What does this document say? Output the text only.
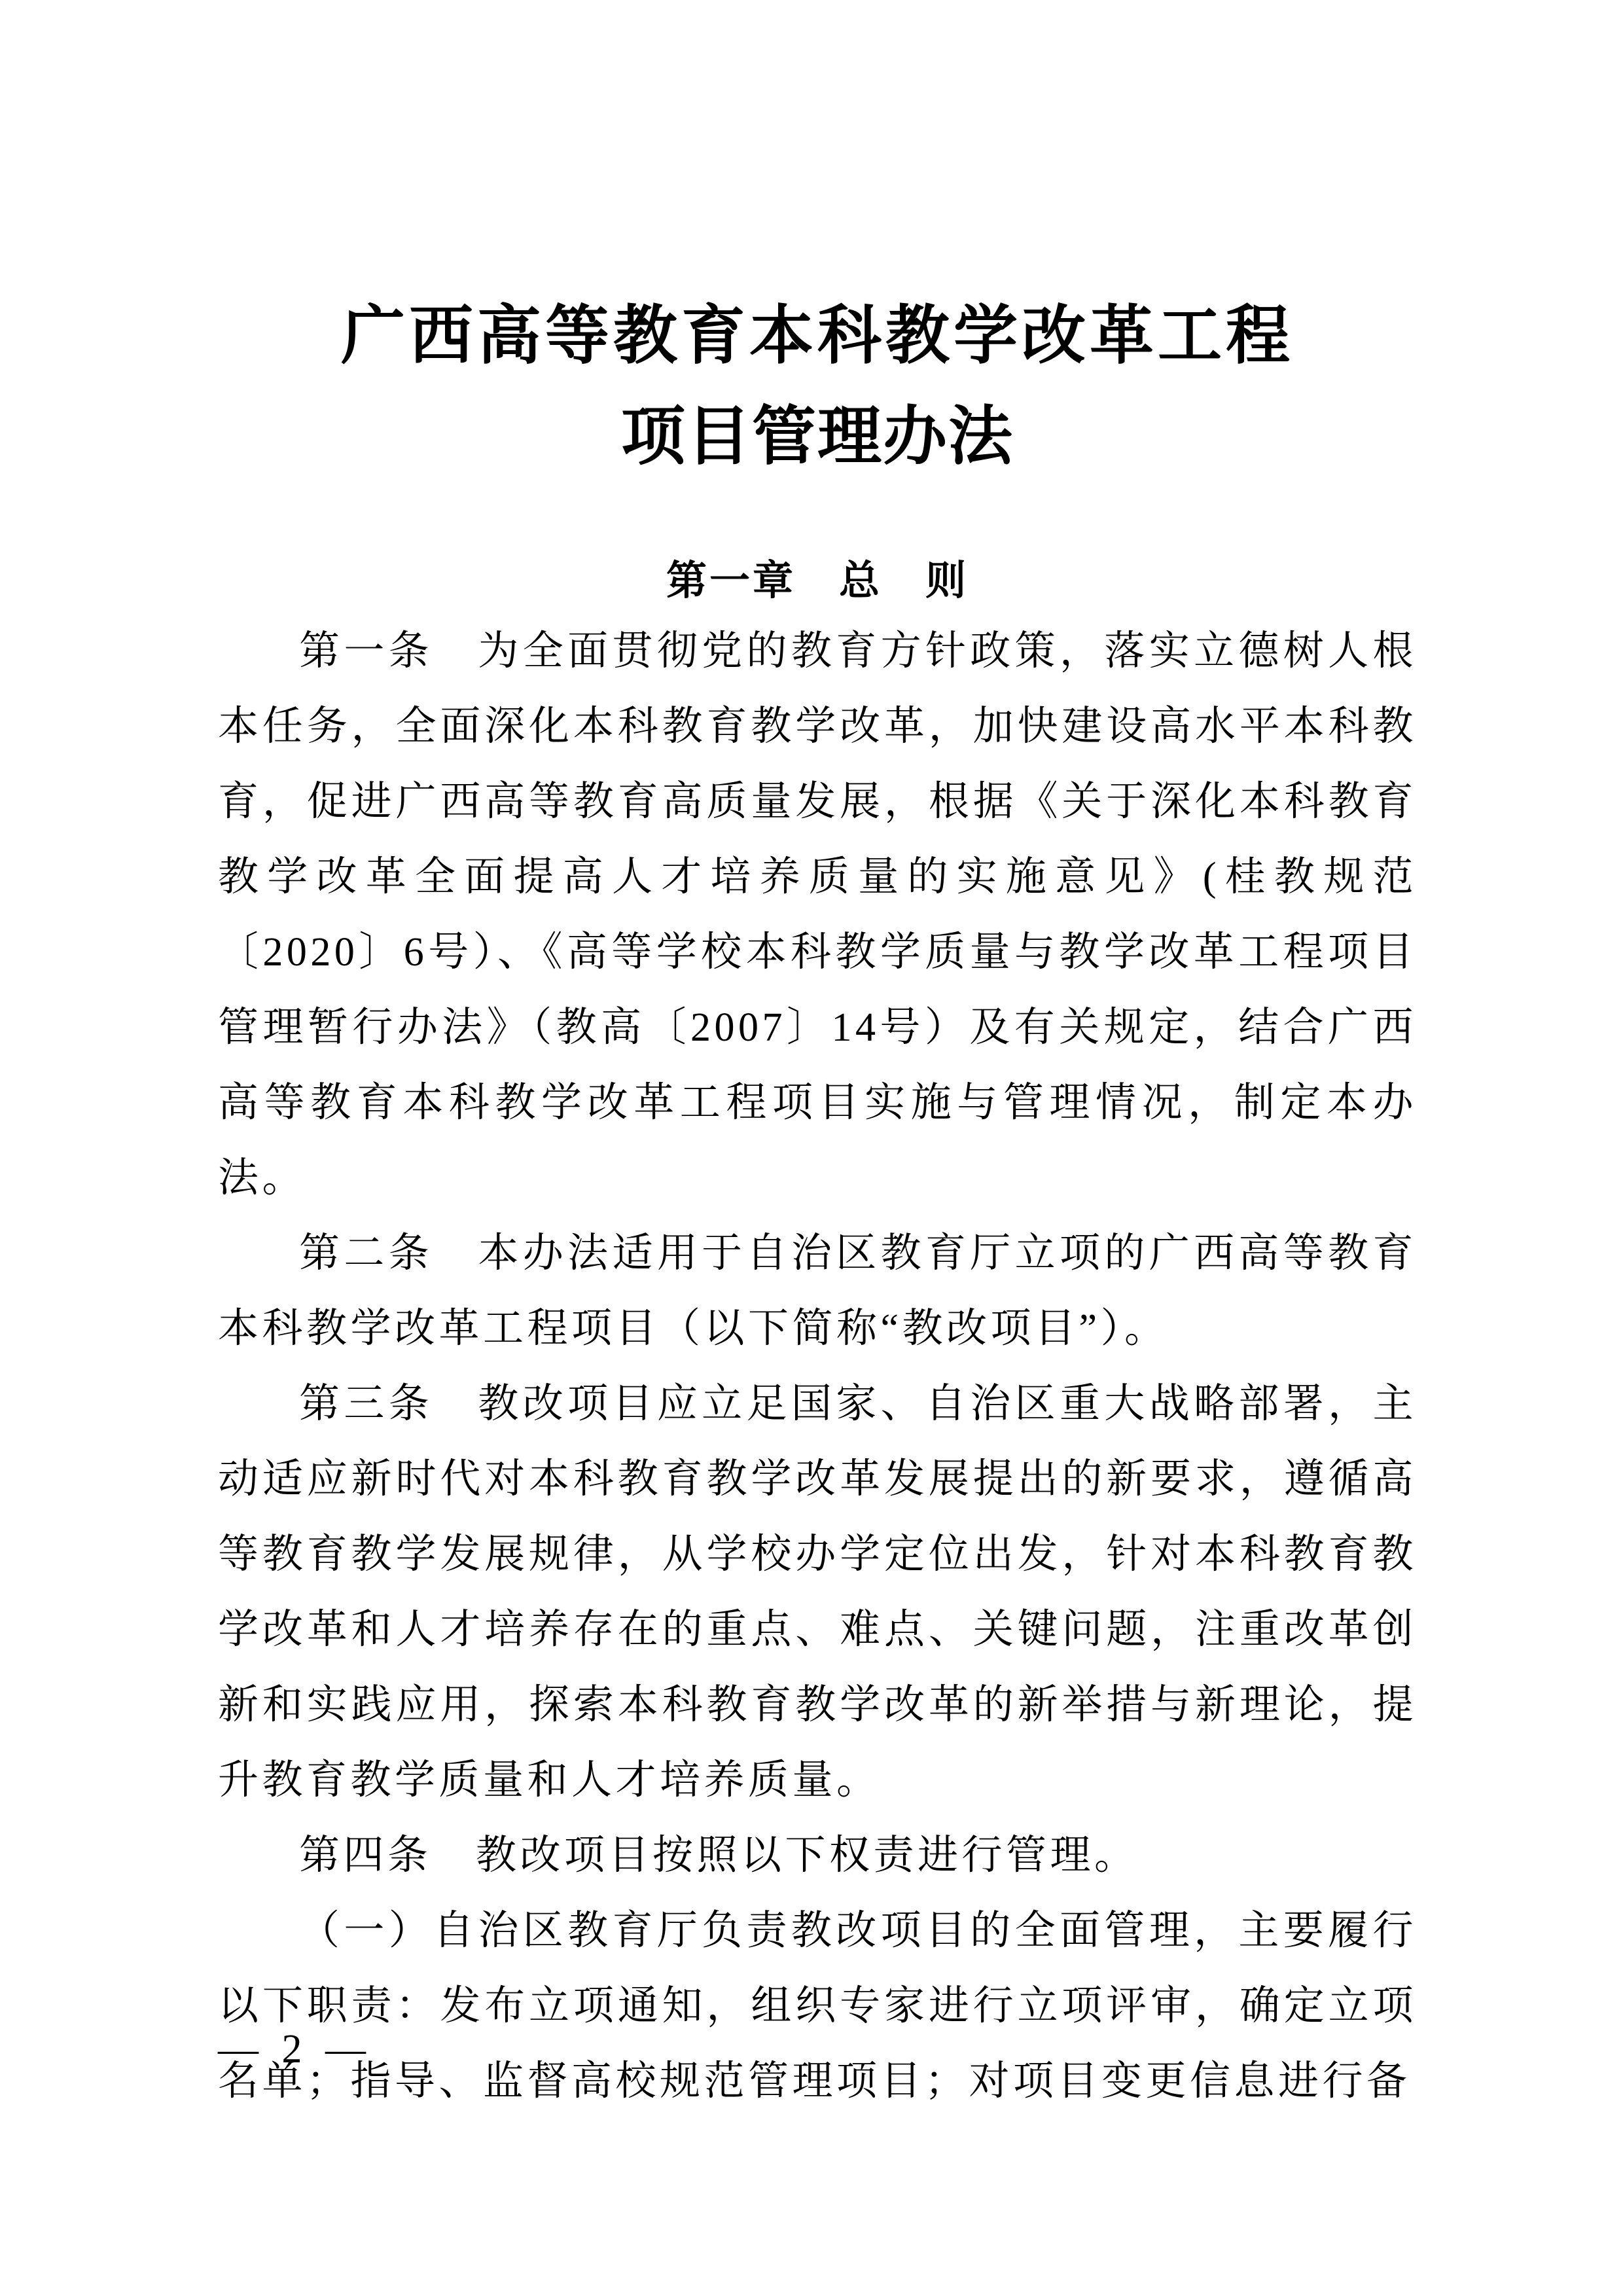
广西高等教育本科教学改革工程
项目管理办法
第一章　总　则

第一条　为全面贯彻党的教育方针政策，落实立德树人根本任务，全面深化本科教育教学改革，加快建设高水平本科教育，促进广西高等教育高质量发展，根据《关于深化本科教育教学改革全面提高人才培养质量的实施意见》(桂教规范〔2020〕6号）、《高等学校本科教学质量与教学改革工程项目管理暂行办法》（教高〔2007〕14号）及有关规定，结合广西高等教育本科教学改革工程项目实施与管理情况，制定本办法。

第二条　本办法适用于自治区教育厅立项的广西高等教育本科教学改革工程项目（以下简称“教改项目”）。

第三条　教改项目应立足国家、自治区重大战略部署，主动适应新时代对本科教育教学改革发展提出的新要求，遵循高等教育教学发展规律，从学校办学定位出发，针对本科教育教学改革和人才培养存在的重点、难点、关键问题，注重改革创新和实践应用，探索本科教育教学改革的新举措与新理论，提升教育教学质量和人才培养质量。

第四条　教改项目按照以下权责进行管理。

（一）自治区教育厅负责教改项目的全面管理，主要履行以下职责：发布立项通知，组织专家进行立项评审，确定立项名单；指导、监督高校规范管理项目；对项目变更信息进行备

— 2 —
